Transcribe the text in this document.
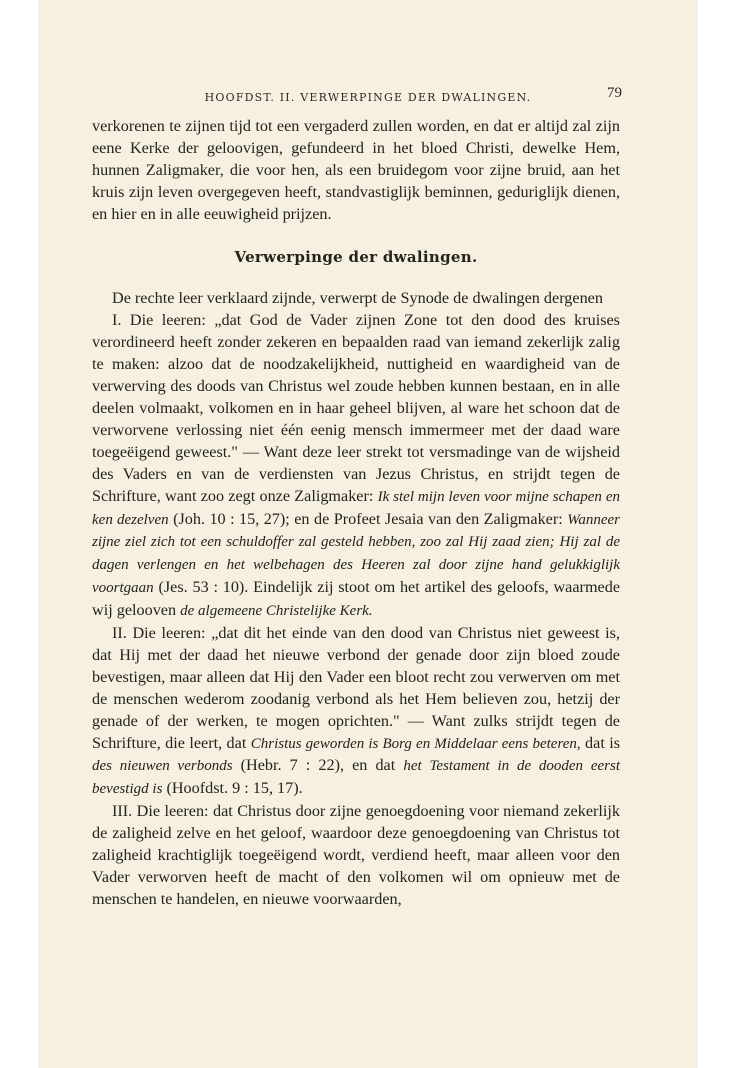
HOOFDST. II. VERWERPINGE DER DWALINGEN.	79

verkorenen te zijnen tijd tot een vergaderd zullen worden, en dat er altijd zal zijn eene Kerke der geloovigen, gefundeerd in het bloed Christi, dewelke Hem, hunnen Zaligmaker, die voor hen, als een bruidegom voor zijne bruid, aan het kruis zijn leven overgegeven heeft, standvastiglijk beminnen, geduriglijk dienen, en hier en in alle eeuwigheid prijzen.

Verwerpinge der dwalingen.

De rechte leer verklaard zijnde, verwerpt de Synode de dwalingen dergenen

I. Die leeren: „dat God de Vader zijnen Zone tot den dood des kruises verordineerd heeft zonder zekeren en bepaalden raad van iemand zekerlijk zalig te maken: alzoo dat de noodzakelijkheid, nuttigheid en waardigheid van de verwerving des doods van Christus wel zoude hebben kunnen bestaan, en in alle deelen volmaakt, volkomen en in haar geheel blijven, al ware het schoon dat de verworvene verlossing niet één eenig mensch immermeer met der daad ware toegeëigend geweest." — Want deze leer strekt tot versmadinge van de wijsheid des Vaders en van de verdiensten van Jezus Christus, en strijdt tegen de Schrifture, want zoo zegt onze Zaligmaker: Ik stel mijn leven voor mijne schapen en ken dezelven (Joh. 10 : 15, 27); en de Profeet Jesaia van den Zaligmaker: Wanneer zijne ziel zich tot een schuldoffer zal gesteld hebben, zoo zal Hij zaad zien; Hij zal de dagen verlengen en het welbehagen des Heeren zal door zijne hand gelukkiglijk voortgaan (Jes. 53 : 10). Eindelijk zij stoot om het artikel des geloofs, waarmede wij gelooven de algemeene Christelijke Kerk.

II. Die leeren: „dat dit het einde van den dood van Christus niet geweest is, dat Hij met der daad het nieuwe verbond der genade door zijn bloed zoude bevestigen, maar alleen dat Hij den Vader een bloot recht zou verwerven om met de menschen wederom zoodanig verbond als het Hem believen zou, hetzij der genade of der werken, te mogen oprichten." — Want zulks strijdt tegen de Schrifture, die leert, dat Christus geworden is Borg en Middelaar eens beteren, dat is des nieuwen verbonds (Hebr. 7 : 22), en dat het Testament in de dooden eerst bevestigd is (Hoofdst. 9 : 15, 17).

III. Die leeren: dat Christus door zijne genoegdoening voor niemand zekerlijk de zaligheid zelve en het geloof, waardoor deze genoegdoening van Christus tot zaligheid krachtiglijk toegeëigend wordt, verdiend heeft, maar alleen voor den Vader verworven heeft de macht of den volkomen wil om opnieuw met de menschen te handelen, en nieuwe voorwaarden,
